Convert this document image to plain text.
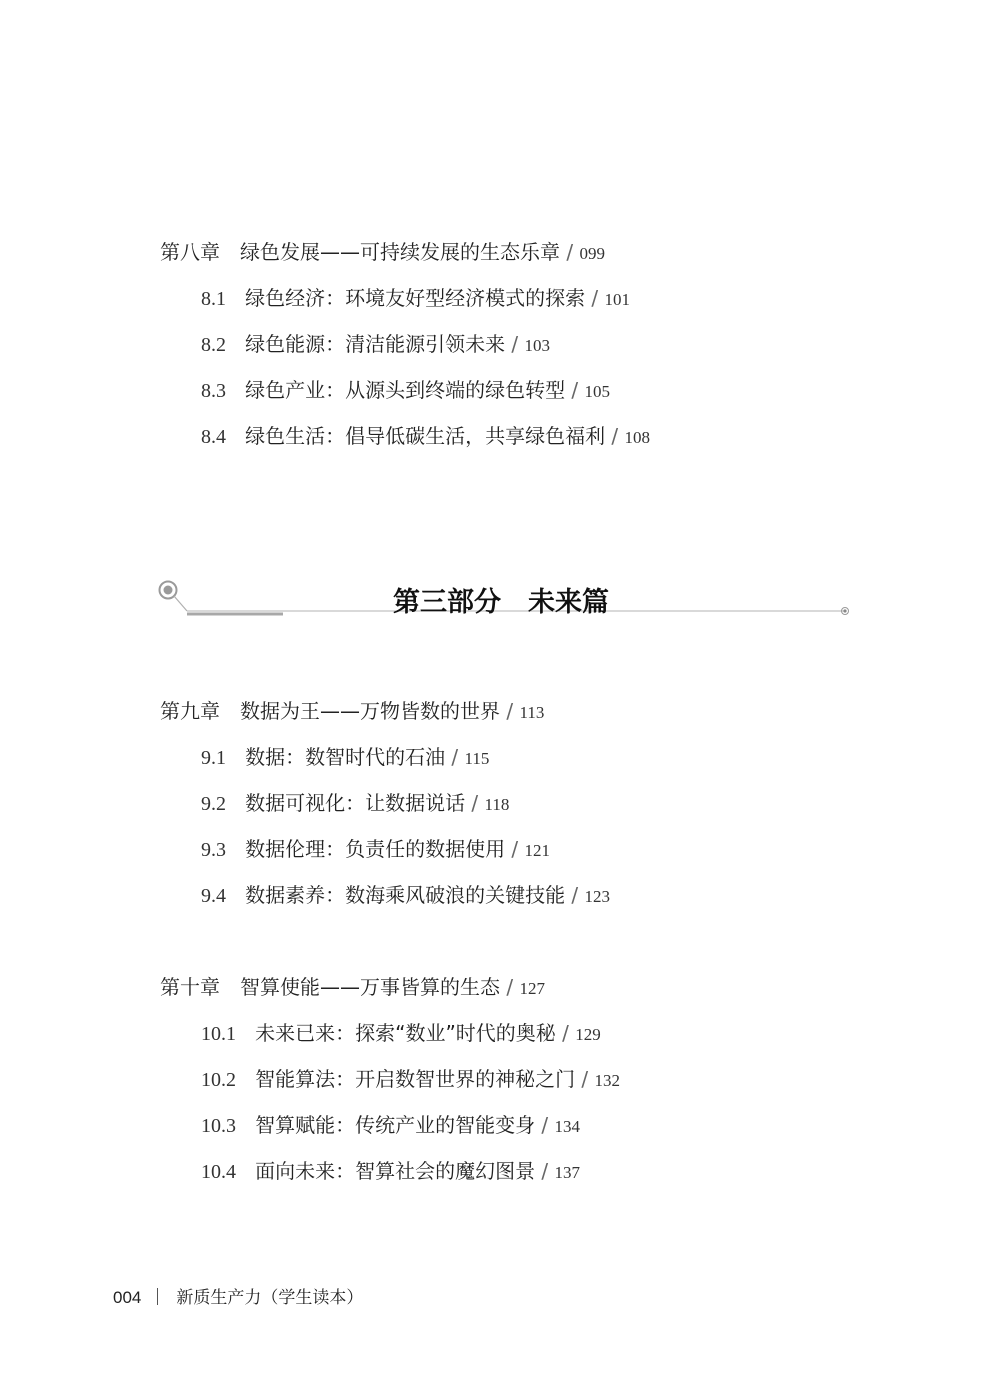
第八章　绿色发展——可持续发展的生态乐章 / 099
8.1 绿色经济：环境友好型经济模式的探索 / 101
8.2 绿色能源：清洁能源引领未来 / 103
8.3 绿色产业：从源头到终端的绿色转型 / 105
8.4 绿色生活：倡导低碳生活，共享绿色福利 / 108
第三部分　未来篇
第九章　数据为王——万物皆数的世界 / 113
9.1 数据：数智时代的石油 / 115
9.2 数据可视化：让数据说话 / 118
9.3 数据伦理：负责任的数据使用 / 121
9.4 数据素养：数海乘风破浪的关键技能 / 123
第十章　智算使能——万事皆算的生态 / 127
10.1 未来已来：探索“数业”时代的奥秘 / 129
10.2 智能算法：开启数智世界的神秘之门 / 132
10.3 智算赋能：传统产业的智能变身 / 134
10.4 面向未来：智算社会的魔幻图景 / 137
004 新质生产力（学生读本）
